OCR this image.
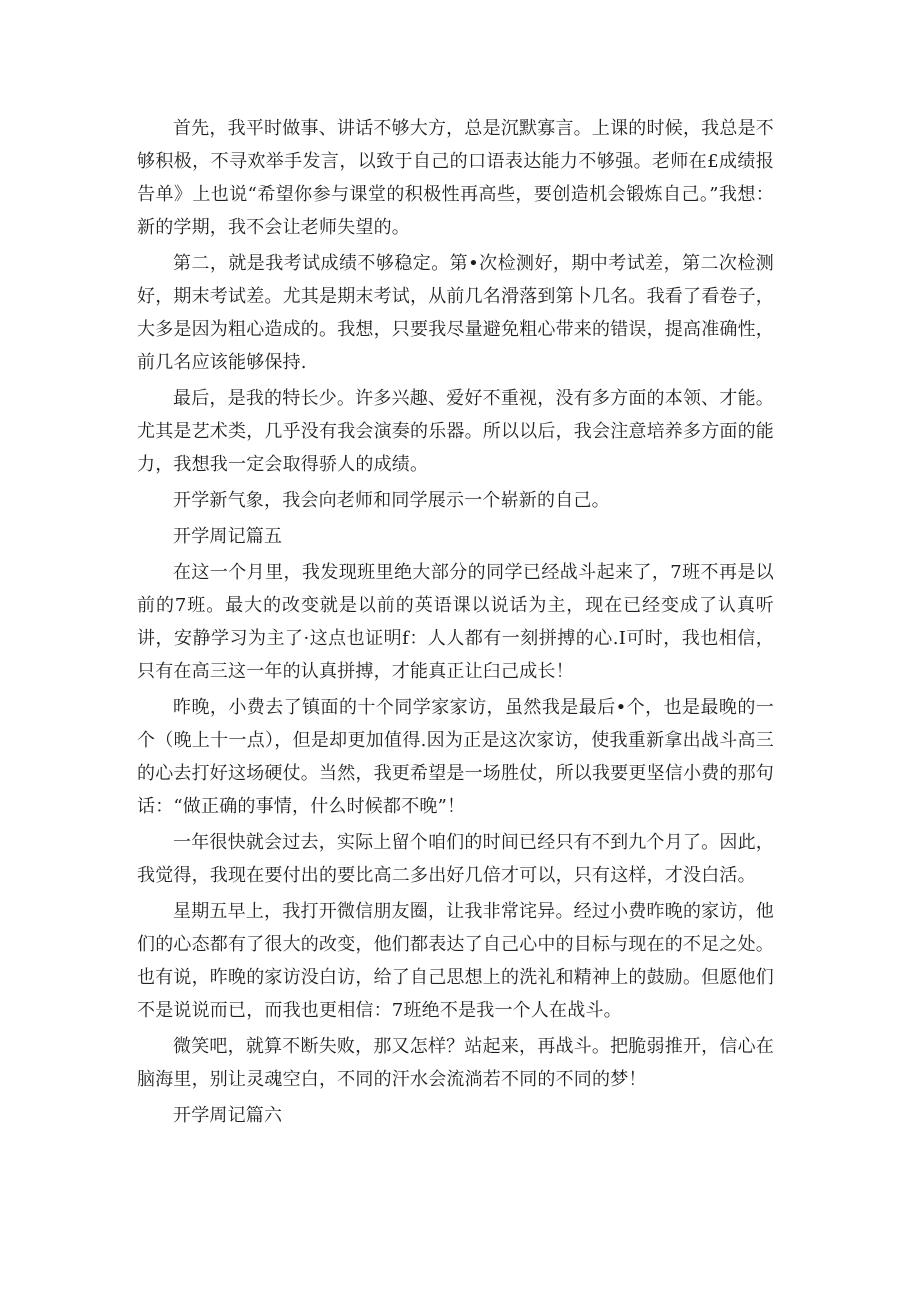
首先，我平时做事、讲话不够大方，总是沉默寡言。上课的时候，我总是不够积极，不寻欢举手发言，以致于自己的口语表达能力不够强。老师在£成绩报告单》上也说“希望你参与课堂的积极性再高些，要创造机会锻炼自己。”我想：新的学期，我不会让老师失望的。

第二，就是我考试成绩不够稳定。第•次检测好，期中考试差，第二次检测好，期末考试差。尤其是期末考试，从前几名滑落到第卜几名。我看了看卷子，大多是因为粗心造成的。我想，只要我尽量避免粗心带来的错误，提高准确性，前几名应该能够保持.

最后，是我的特长少。许多兴趣、爱好不重视，没有多方面的本领、才能。尤其是艺术类，几乎没有我会演奏的乐器。所以以后，我会注意培养多方面的能力，我想我一定会取得骄人的成绩。

开学新气象，我会向老师和同学展示一个崭新的自己。

开学周记篇五

在这一个月里，我发现班里绝大部分的同学已经战斗起来了，7班不再是以前的7班。最大的改变就是以前的英语课以说话为主，现在已经变成了认真听讲，安静学习为主了·这点也证明f：人人都有一刻拼搏的心.I可时，我也相信，只有在高三这一年的认真拼搏，才能真正让臼己成长！

昨晚，小费去了镇面的十个同学家家访，虽然我是最后•个，也是最晚的一个（晚上十一点），但是却更加值得.因为正是这次家访，使我重新拿出战斗高三的心去打好这场硬仗。当然，我更希望是一场胜仗，所以我要更坚信小费的那句话：“做正确的事情，什么时候都不晚”！

一年很快就会过去，实际上留个咱们的时间已经只有不到九个月了。因此，我觉得，我现在要付出的要比高二多出好几倍才可以，只有这样，才没白活。

星期五早上，我打开微信朋友圈，让我非常诧异。经过小费昨晚的家访，他们的心态都有了很大的改变，他们都表达了自己心中的目标与现在的不足之处。也有说，昨晚的家访没白访，给了自己思想上的洗礼和精神上的鼓励。但愿他们不是说说而已，而我也更相信：7班绝不是我一个人在战斗。

微笑吧，就算不断失败，那又怎样？站起来，再战斗。把脆弱推开，信心在脑海里，别让灵魂空白，不同的汗水会流淌若不同的不同的梦！

开学周记篇六
